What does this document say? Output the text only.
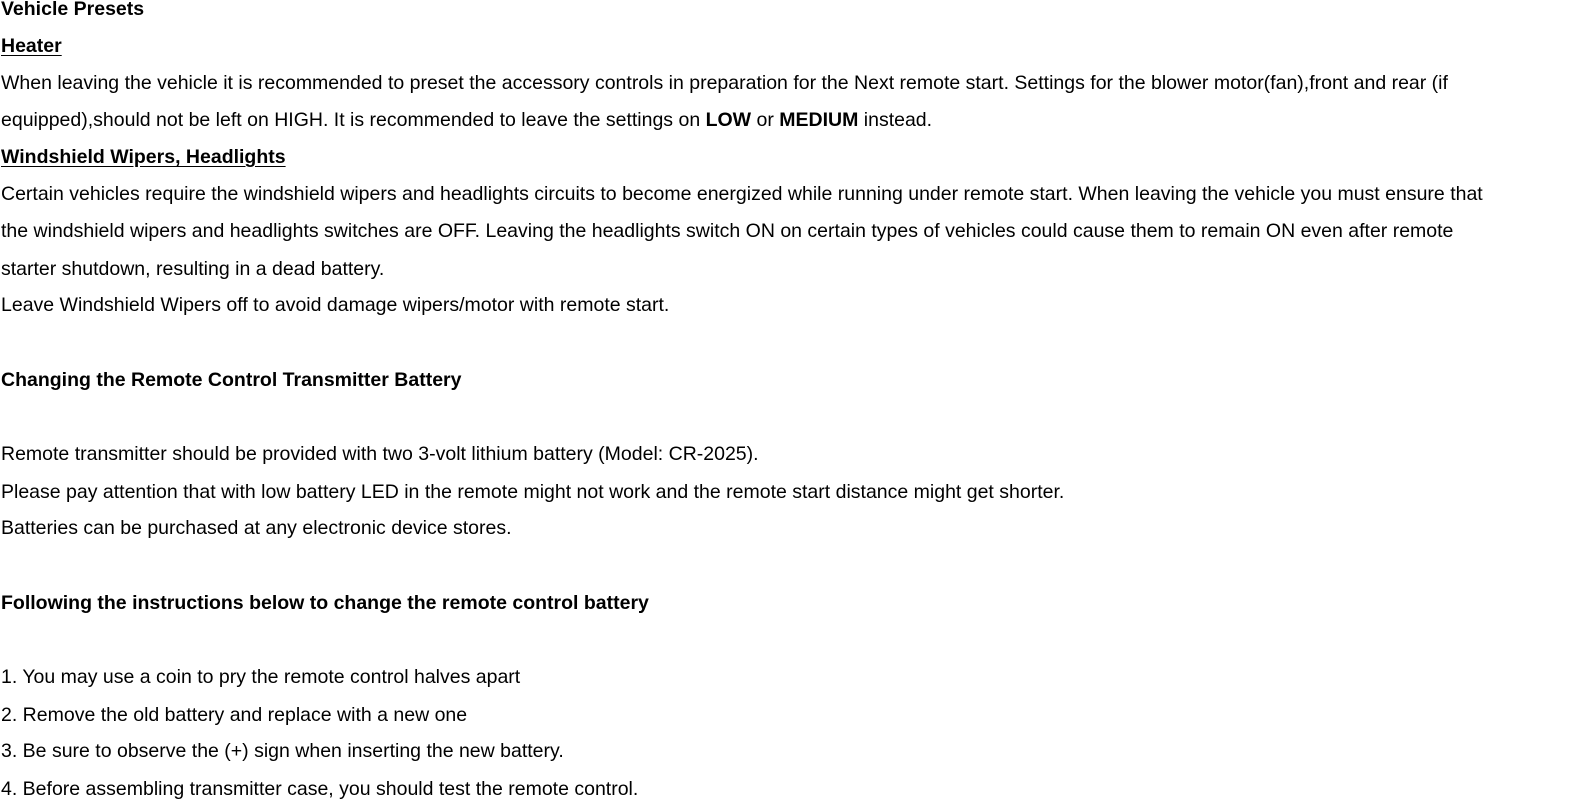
Vehicle Presets
Heater
When leaving the vehicle it is recommended to preset the accessory controls in preparation for the Next remote start. Settings for the blower motor(fan),front and rear (if
equipped),should not be left on HIGH. It is recommended to leave the settings on LOW or MEDIUM instead.
Windshield Wipers, Headlights
Certain vehicles require the windshield wipers and headlights circuits to become energized while running under remote start. When leaving the vehicle you must ensure that
the windshield wipers and headlights switches are OFF. Leaving the headlights switch ON on certain types of vehicles could cause them to remain ON even after remote
starter shutdown, resulting in a dead battery.
Leave Windshield Wipers off to avoid damage wipers/motor with remote start.
Changing the Remote Control Transmitter Battery
Remote transmitter should be provided with two 3-volt lithium battery (Model: CR-2025).
Please pay attention that with low battery LED in the remote might not work and the remote start distance might get shorter.
Batteries can be purchased at any electronic device stores.
Following the instructions below to change the remote control battery
1. You may use a coin to pry the remote control halves apart
2. Remove the old battery and replace with a new one
3. Be sure to observe the (+) sign when inserting the new battery.
4. Before assembling transmitter case, you should test the remote control.
